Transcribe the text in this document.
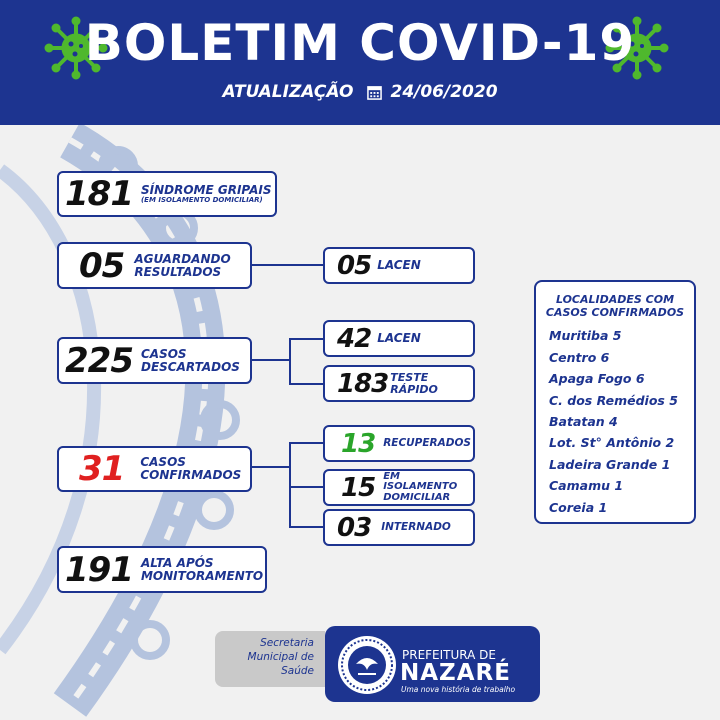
BOLETIM COVID-19
ATUALIZAÇÃO 24/06/2020
181 SÍNDROME GRIPAIS
(EM ISOLAMENTO DOMICILIAR)
05 AGUARDANDO
RESULTADOS	05 LACEN
225 CASOS
DESCARTADOS
42 LACEN
183 TESTE
RÁPIDO
31 CASOS
CONFIRMADOS
13 RECUPERADOS
15 EM ISOLAMENTO
DOMICILIAR
03 INTERNADO
191 ALTA APÓS
MONITORAMENTO
LOCALIDADES COM
CASOS CONFIRMADOS
Muritiba 5
Centro 6
Apaga Fogo 6
C. dos Remédios 5
Batatan 4
Lot. St° Antônio 2
Ladeira Grande 1
Camamu 1
Coreia 1
Secretaria
Municipal de
Saúde
PREFEITURA DE
NAZARÉ
Uma nova história de trabalho
